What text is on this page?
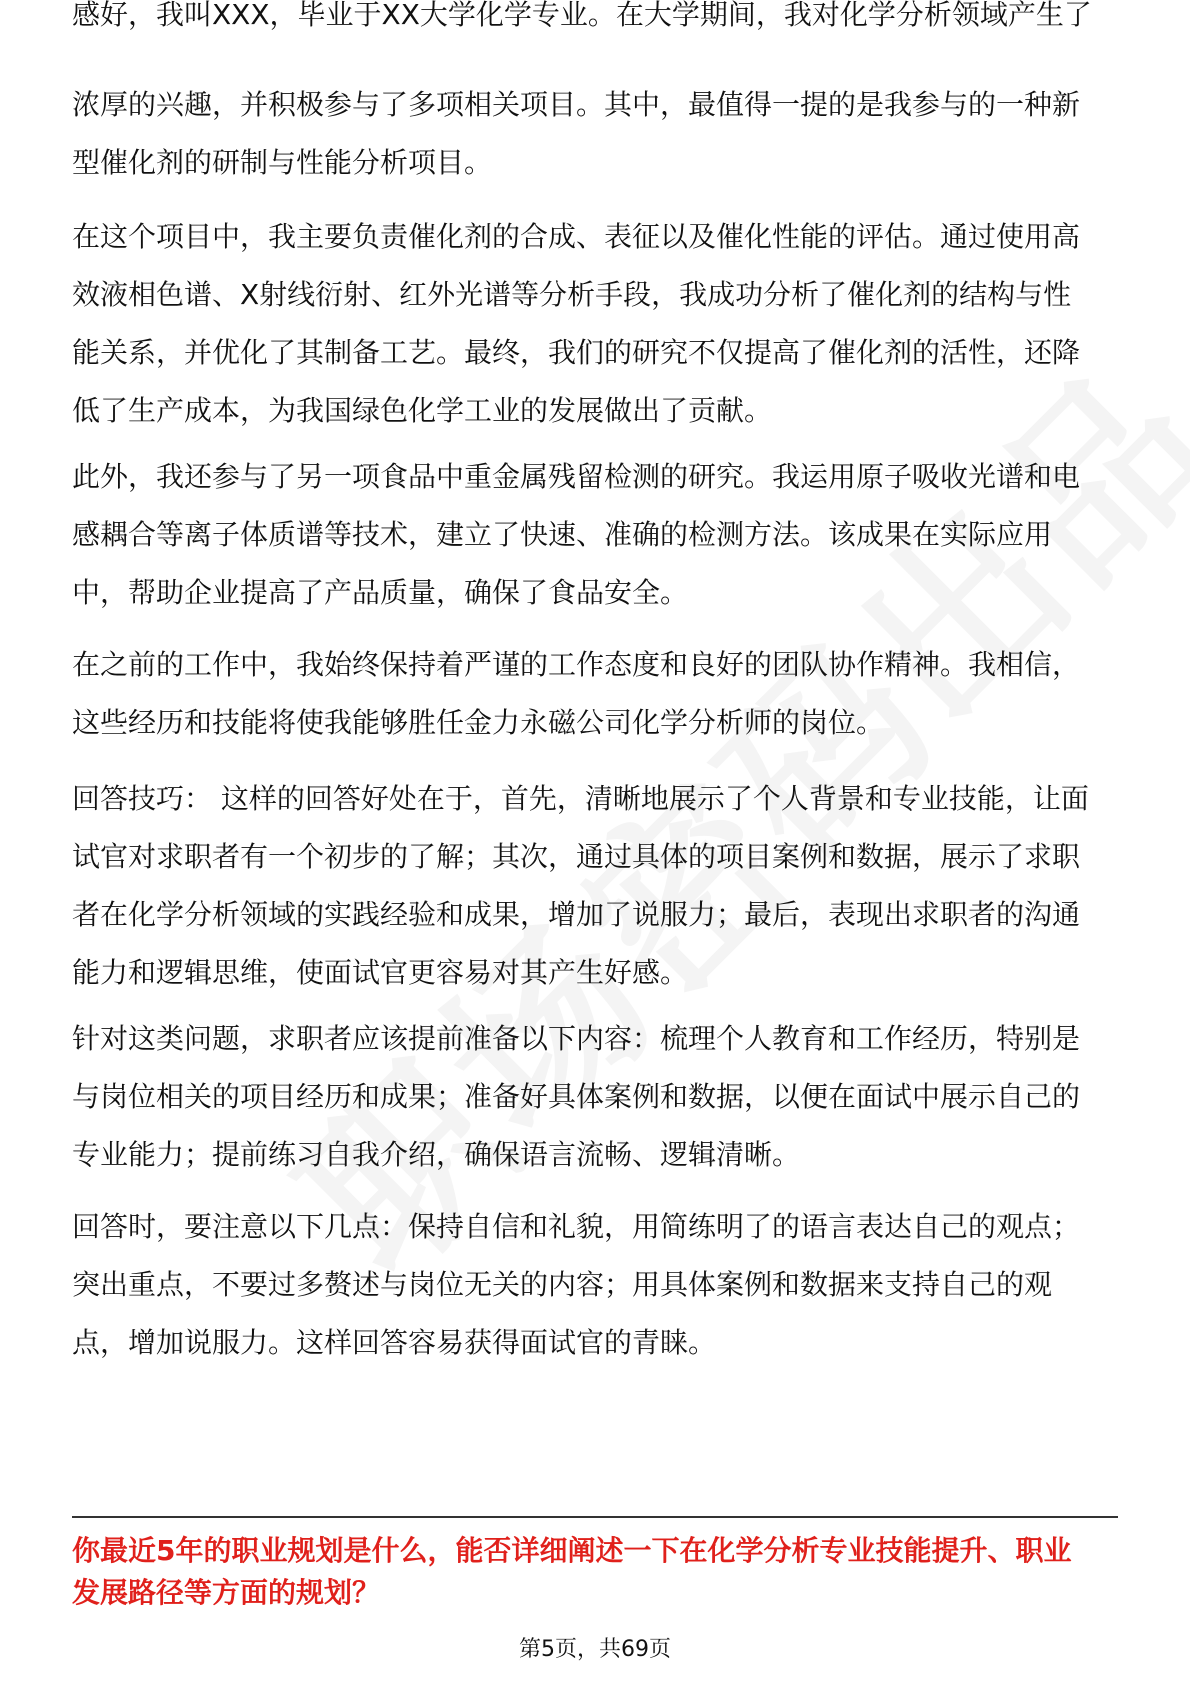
感好，我叫XXX，毕业于XX大学化学专业。在大学期间，我对化学分析领域产生了
浓厚的兴趣，并积极参与了多项相关项目。其中，最值得一提的是我参与的一种新
型催化剂的研制与性能分析项目。
在这个项目中，我主要负责催化剂的合成、表征以及催化性能的评估。通过使用高
效液相色谱、X射线衍射、红外光谱等分析手段，我成功分析了催化剂的结构与性
能关系，并优化了其制备工艺。最终，我们的研究不仅提高了催化剂的活性，还降
低了生产成本，为我国绿色化学工业的发展做出了贡献。
此外，我还参与了另一项食品中重金属残留检测的研究。我运用原子吸收光谱和电
感耦合等离子体质谱等技术，建立了快速、准确的检测方法。该成果在实际应用
中，帮助企业提高了产品质量，确保了食品安全。
在之前的工作中，我始终保持着严谨的工作态度和良好的团队协作精神。我相信，
这些经历和技能将使我能够胜任金力永磁公司化学分析师的岗位。
回答技巧： 这样的回答好处在于，首先，清晰地展示了个人背景和专业技能，让面
试官对求职者有一个初步的了解；其次，通过具体的项目案例和数据，展示了求职
者在化学分析领域的实践经验和成果，增加了说服力；最后，表现出求职者的沟通
能力和逻辑思维，使面试官更容易对其产生好感。
针对这类问题，求职者应该提前准备以下内容：梳理个人教育和工作经历，特别是
与岗位相关的项目经历和成果；准备好具体案例和数据，以便在面试中展示自己的
专业能力；提前练习自我介绍，确保语言流畅、逻辑清晰。
回答时，要注意以下几点：保持自信和礼貌，用简练明了的语言表达自己的观点；
突出重点，不要过多赘述与岗位无关的内容；用具体案例和数据来支持自己的观
点，增加说服力。这样回答容易获得面试官的青睐。
你最近5年的职业规划是什么，能否详细阐述一下在化学分析专业技能提升、职业
发展路径等方面的规划？
第5页，共69页
